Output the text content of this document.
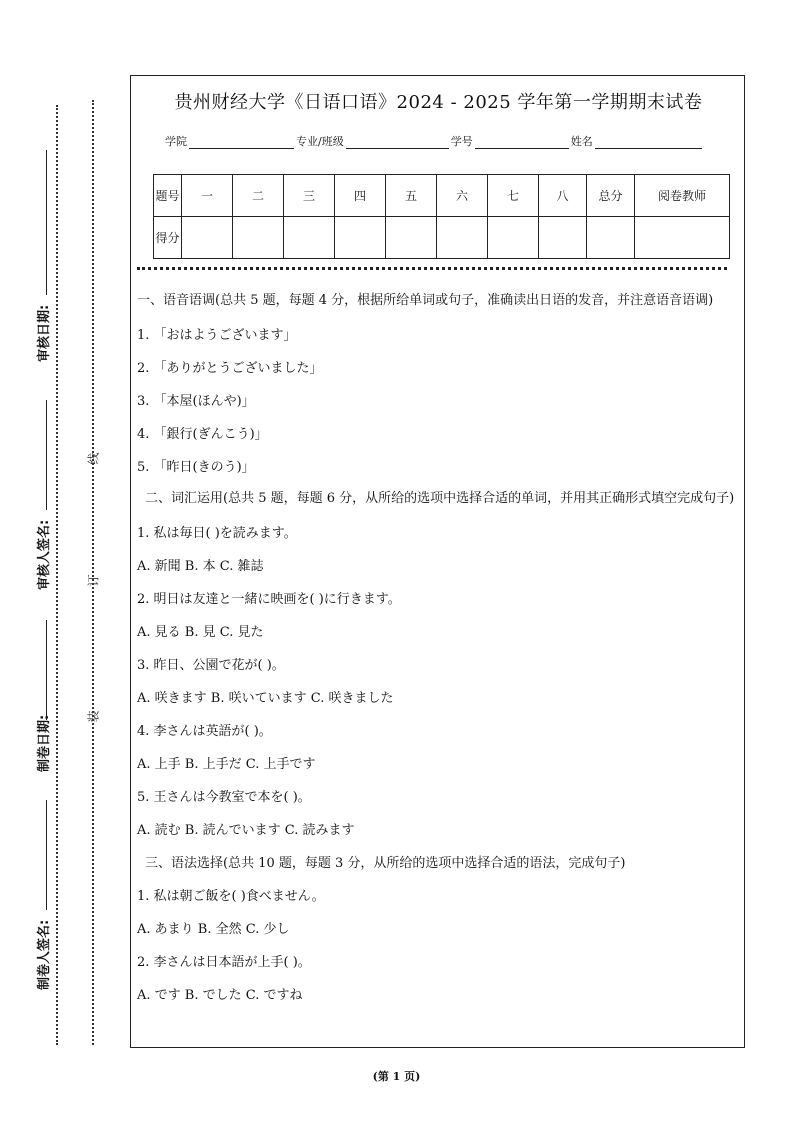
审核日期:
审核人签名:
制卷日期:
制卷人签名:
线
订
装
贵州财经大学《日语口语》2024 - 2025 学年第一学期期末试卷
学院	专业/班级	学号	姓名
题号	一	二	三	四	五	六	七	八	总分	阅卷教师
得分										
一、语音语调(总共 5 题，每题 4 分，根据所给单词或句子，准确读出日语的发音，并注意语音语调)
1. 「おはようございます」
2. 「ありがとうございました」
3. 「本屋(ほんや)」
4. 「銀行(ぎんこう)」
5. 「昨日(きのう)」
二、词汇运用(总共 5 题，每题 6 分，从所给的选项中选择合适的单词，并用其正确形式填空完成句子)
1. 私は毎日( )を読みます。
A. 新聞 B. 本 C. 雑誌
2. 明日は友達と一緒に映画を( )に行きます。
A. 見る B. 見 C. 見た
3. 昨日、公園で花が( )。
A. 咲きます B. 咲いています C. 咲きました
4. 李さんは英語が( )。
A. 上手 B. 上手だ C. 上手です
5. 王さんは今教室で本を( )。
A. 読む B. 読んでいます C. 読みます
三、语法选择(总共 10 题，每题 3 分，从所给的选项中选择合适的语法，完成句子)
1. 私は朝ご飯を( )食べません。
A. あまり B. 全然 C. 少し
2. 李さんは日本語が上手( )。
A. です B. でした C. ですね
(第 1 页)
